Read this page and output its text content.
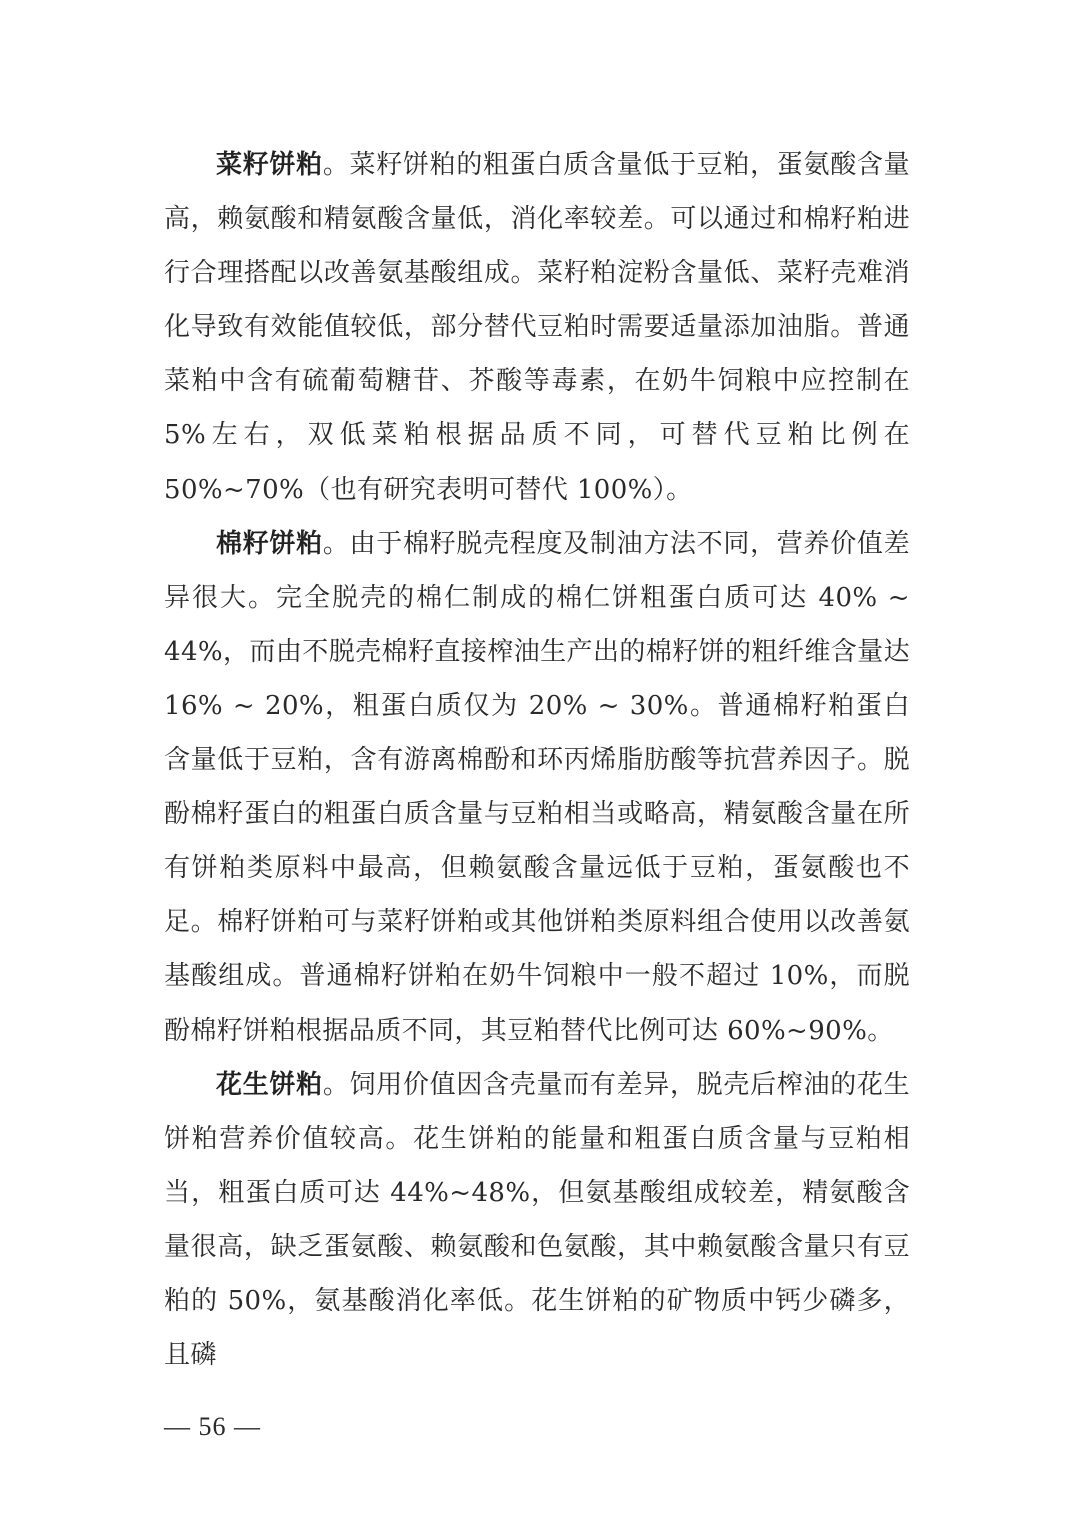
菜籽饼粕。菜籽饼粕的粗蛋白质含量低于豆粕，蛋氨酸含量高，赖氨酸和精氨酸含量低，消化率较差。可以通过和棉籽粕进行合理搭配以改善氨基酸组成。菜籽粕淀粉含量低、菜籽壳难消化导致有效能值较低，部分替代豆粕时需要适量添加油脂。普通菜粕中含有硫葡萄糖苷、芥酸等毒素，在奶牛饲粮中应控制在5%左右，双低菜粕根据品质不同，可替代豆粕比例在 50%~70%（也有研究表明可替代 100%）。

棉籽饼粕。由于棉籽脱壳程度及制油方法不同，营养价值差异很大。完全脱壳的棉仁制成的棉仁饼粗蛋白质可达 40% ~ 44%，而由不脱壳棉籽直接榨油生产出的棉籽饼的粗纤维含量达 16% ~ 20%，粗蛋白质仅为 20% ~ 30%。普通棉籽粕蛋白含量低于豆粕，含有游离棉酚和环丙烯脂肪酸等抗营养因子。脱酚棉籽蛋白的粗蛋白质含量与豆粕相当或略高，精氨酸含量在所有饼粕类原料中最高，但赖氨酸含量远低于豆粕，蛋氨酸也不足。棉籽饼粕可与菜籽饼粕或其他饼粕类原料组合使用以改善氨基酸组成。普通棉籽饼粕在奶牛饲粮中一般不超过 10%，而脱酚棉籽饼粕根据品质不同，其豆粕替代比例可达 60%~90%。

花生饼粕。饲用价值因含壳量而有差异，脱壳后榨油的花生饼粕营养价值较高。花生饼粕的能量和粗蛋白质含量与豆粕相当，粗蛋白质可达 44%~48%，但氨基酸组成较差，精氨酸含量很高，缺乏蛋氨酸、赖氨酸和色氨酸，其中赖氨酸含量只有豆粕的 50%，氨基酸消化率低。花生饼粕的矿物质中钙少磷多，且磷

— 56 —
